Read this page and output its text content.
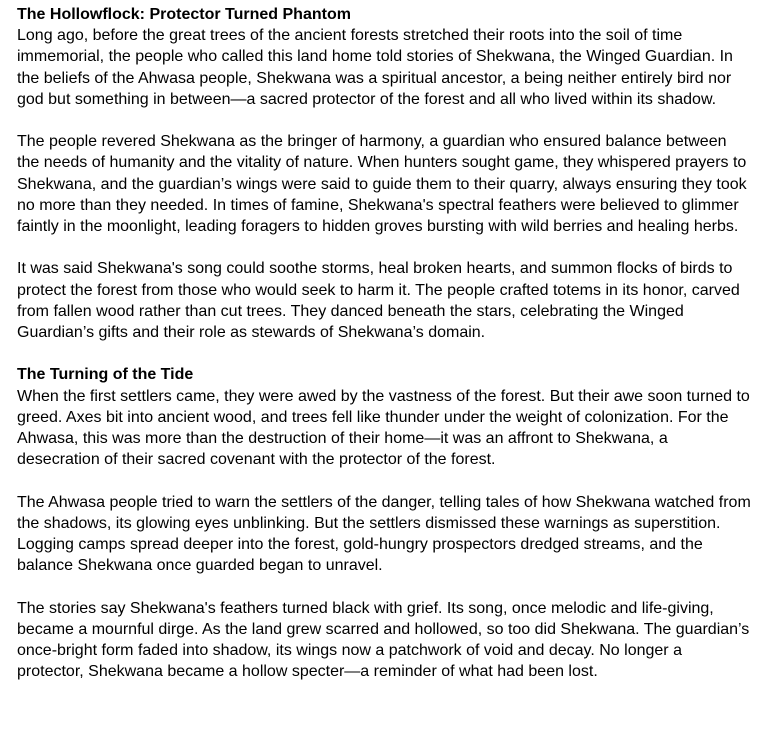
The Hollowflock: Protector Turned Phantom

Long ago, before the great trees of the ancient forests stretched their roots into the soil of time immemorial, the people who called this land home told stories of Shekwana, the Winged Guardian. In the beliefs of the Ahwasa people, Shekwana was a spiritual ancestor, a being neither entirely bird nor god but something in between—a sacred protector of the forest and all who lived within its shadow.

The people revered Shekwana as the bringer of harmony, a guardian who ensured balance between the needs of humanity and the vitality of nature. When hunters sought game, they whispered prayers to Shekwana, and the guardian’s wings were said to guide them to their quarry, always ensuring they took no more than they needed. In times of famine, Shekwana's spectral feathers were believed to glimmer faintly in the moonlight, leading foragers to hidden groves bursting with wild berries and healing herbs.

It was said Shekwana's song could soothe storms, heal broken hearts, and summon flocks of birds to protect the forest from those who would seek to harm it. The people crafted totems in its honor, carved from fallen wood rather than cut trees. They danced beneath the stars, celebrating the Winged Guardian’s gifts and their role as stewards of Shekwana’s domain.

The Turning of the Tide

When the first settlers came, they were awed by the vastness of the forest. But their awe soon turned to greed. Axes bit into ancient wood, and trees fell like thunder under the weight of colonization. For the Ahwasa, this was more than the destruction of their home—it was an affront to Shekwana, a desecration of their sacred covenant with the protector of the forest.

The Ahwasa people tried to warn the settlers of the danger, telling tales of how Shekwana watched from the shadows, its glowing eyes unblinking. But the settlers dismissed these warnings as superstition. Logging camps spread deeper into the forest, gold-hungry prospectors dredged streams, and the balance Shekwana once guarded began to unravel.

The stories say Shekwana's feathers turned black with grief. Its song, once melodic and life-giving, became a mournful dirge. As the land grew scarred and hollowed, so too did Shekwana. The guardian’s once-bright form faded into shadow, its wings now a patchwork of void and decay. No longer a protector, Shekwana became a hollow specter—a reminder of what had been lost.
